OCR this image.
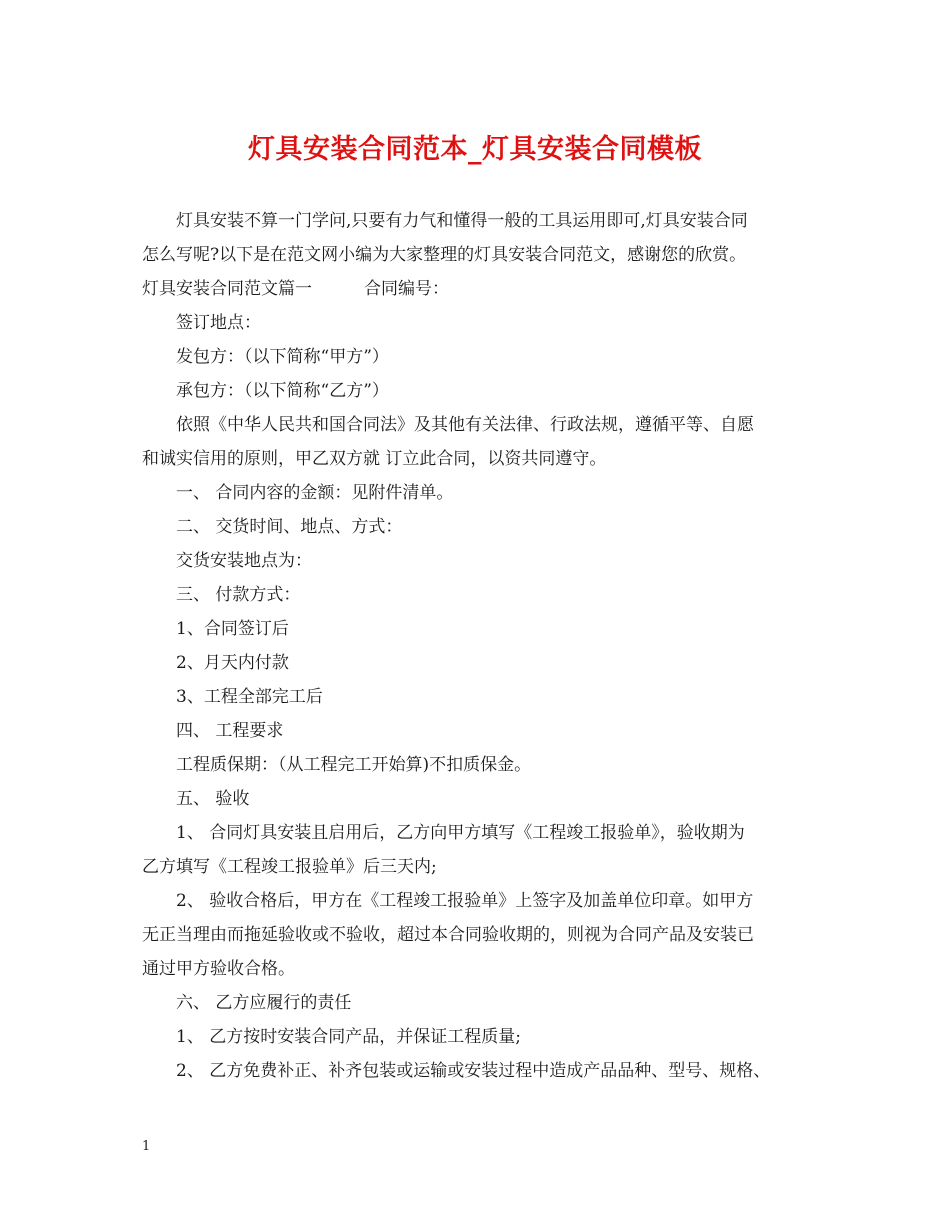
灯具安装合同范本_灯具安装合同模板

灯具安装不算一门学问,只要有力气和懂得一般的工具运用即可,灯具安装合同

怎么写呢?以下是在范文网小编为大家整理的灯具安装合同范文，感谢您的欣赏。

灯具安装合同范文篇一	合同编号：

签订地点：

发包方：（以下简称“甲方”）

承包方：（以下简称“乙方”）

依照《中华人民共和国合同法》及其他有关法律、行政法规，遵循平等、自愿

和诚实信用的原则，甲乙双方就 订立此合同，以资共同遵守。

一、 合同内容的金额：见附件清单。

二、 交货时间、地点、方式：

交货安装地点为：

三、 付款方式：

1、合同签订后

2、月天内付款

3、工程全部完工后

四、 工程要求

工程质保期：（从工程完工开始算)不扣质保金。

五、 验收

1、 合同灯具安装且启用后，乙方向甲方填写《工程竣工报验单》，验收期为

乙方填写《工程竣工报验单》后三天内;

2、 验收合格后，甲方在《工程竣工报验单》上签字及加盖单位印章。如甲方

无正当理由而拖延验收或不验收，超过本合同验收期的，则视为合同产品及安装已

通过甲方验收合格。

六、 乙方应履行的责任

1、 乙方按时安装合同产品，并保证工程质量;

2、 乙方免费补正、补齐包装或运输或安装过程中造成产品品种、型号、规格、

1
